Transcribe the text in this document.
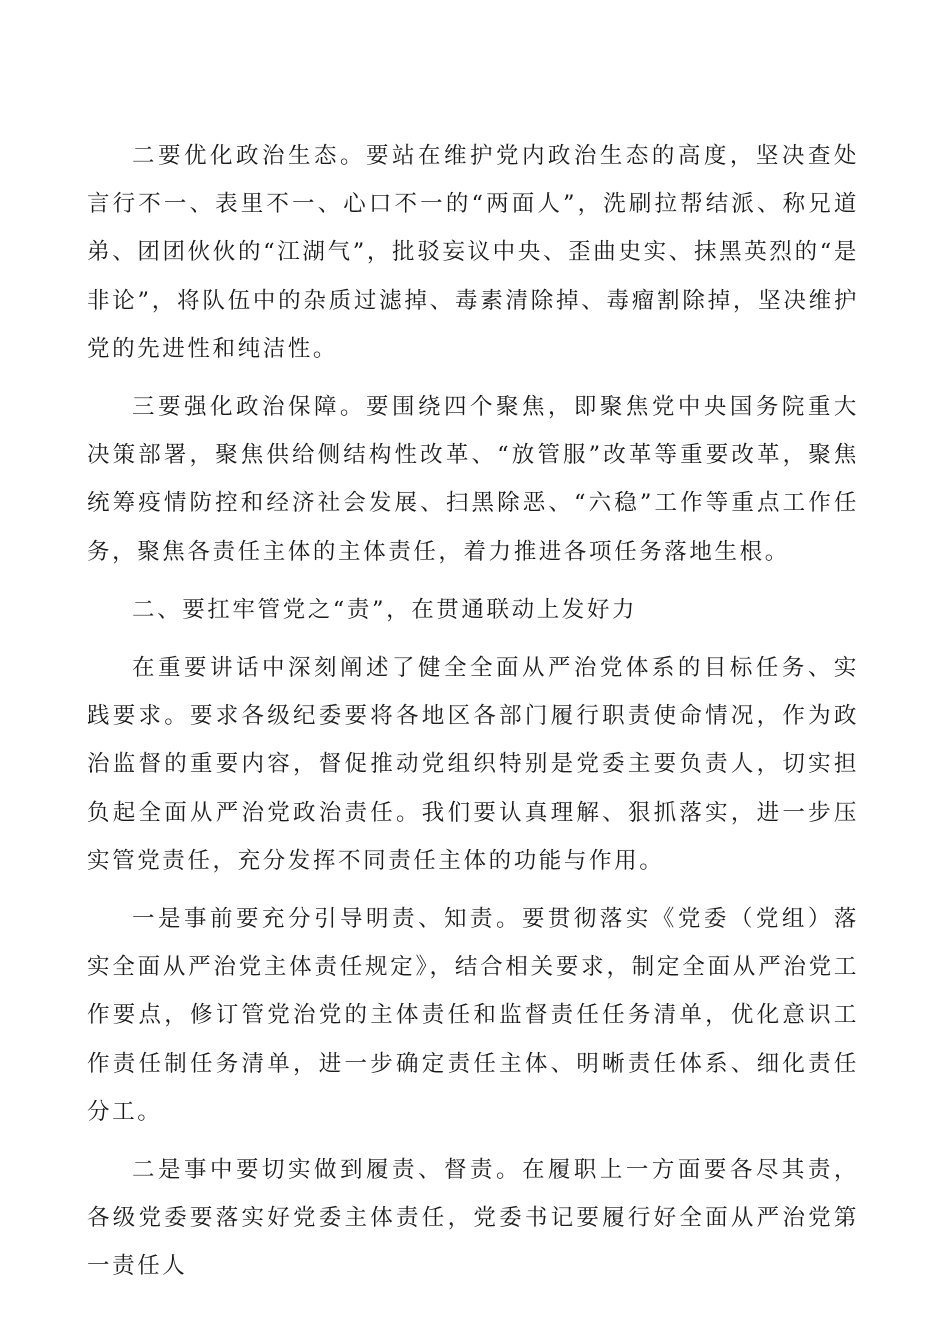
二要优化政治生态。要站在维护党内政治生态的高度，坚决查处言行不一、表里不一、心口不一的“两面人”，洗刷拉帮结派、称兄道弟、团团伙伙的“江湖气”，批驳妄议中央、歪曲史实、抹黑英烈的“是非论”，将队伍中的杂质过滤掉、毒素清除掉、毒瘤割除掉，坚决维护党的先进性和纯洁性。

三要强化政治保障。要围绕四个聚焦，即聚焦党中央国务院重大决策部署，聚焦供给侧结构性改革、“放管服”改革等重要改革，聚焦统筹疫情防控和经济社会发展、扫黑除恶、“六稳”工作等重点工作任务，聚焦各责任主体的主体责任，着力推进各项任务落地生根。

二、要扛牢管党之“责”，在贯通联动上发好力

在重要讲话中深刻阐述了健全全面从严治党体系的目标任务、实践要求。要求各级纪委要将各地区各部门履行职责使命情况，作为政治监督的重要内容，督促推动党组织特别是党委主要负责人，切实担负起全面从严治党政治责任。我们要认真理解、狠抓落实，进一步压实管党责任，充分发挥不同责任主体的功能与作用。

一是事前要充分引导明责、知责。要贯彻落实《党委（党组）落实全面从严治党主体责任规定》，结合相关要求，制定全面从严治党工作要点，修订管党治党的主体责任和监督责任任务清单，优化意识工作责任制任务清单，进一步确定责任主体、明晰责任体系、细化责任分工。

二是事中要切实做到履责、督责。在履职上一方面要各尽其责，各级党委要落实好党委主体责任，党委书记要履行好全面从严治党第一责任人
